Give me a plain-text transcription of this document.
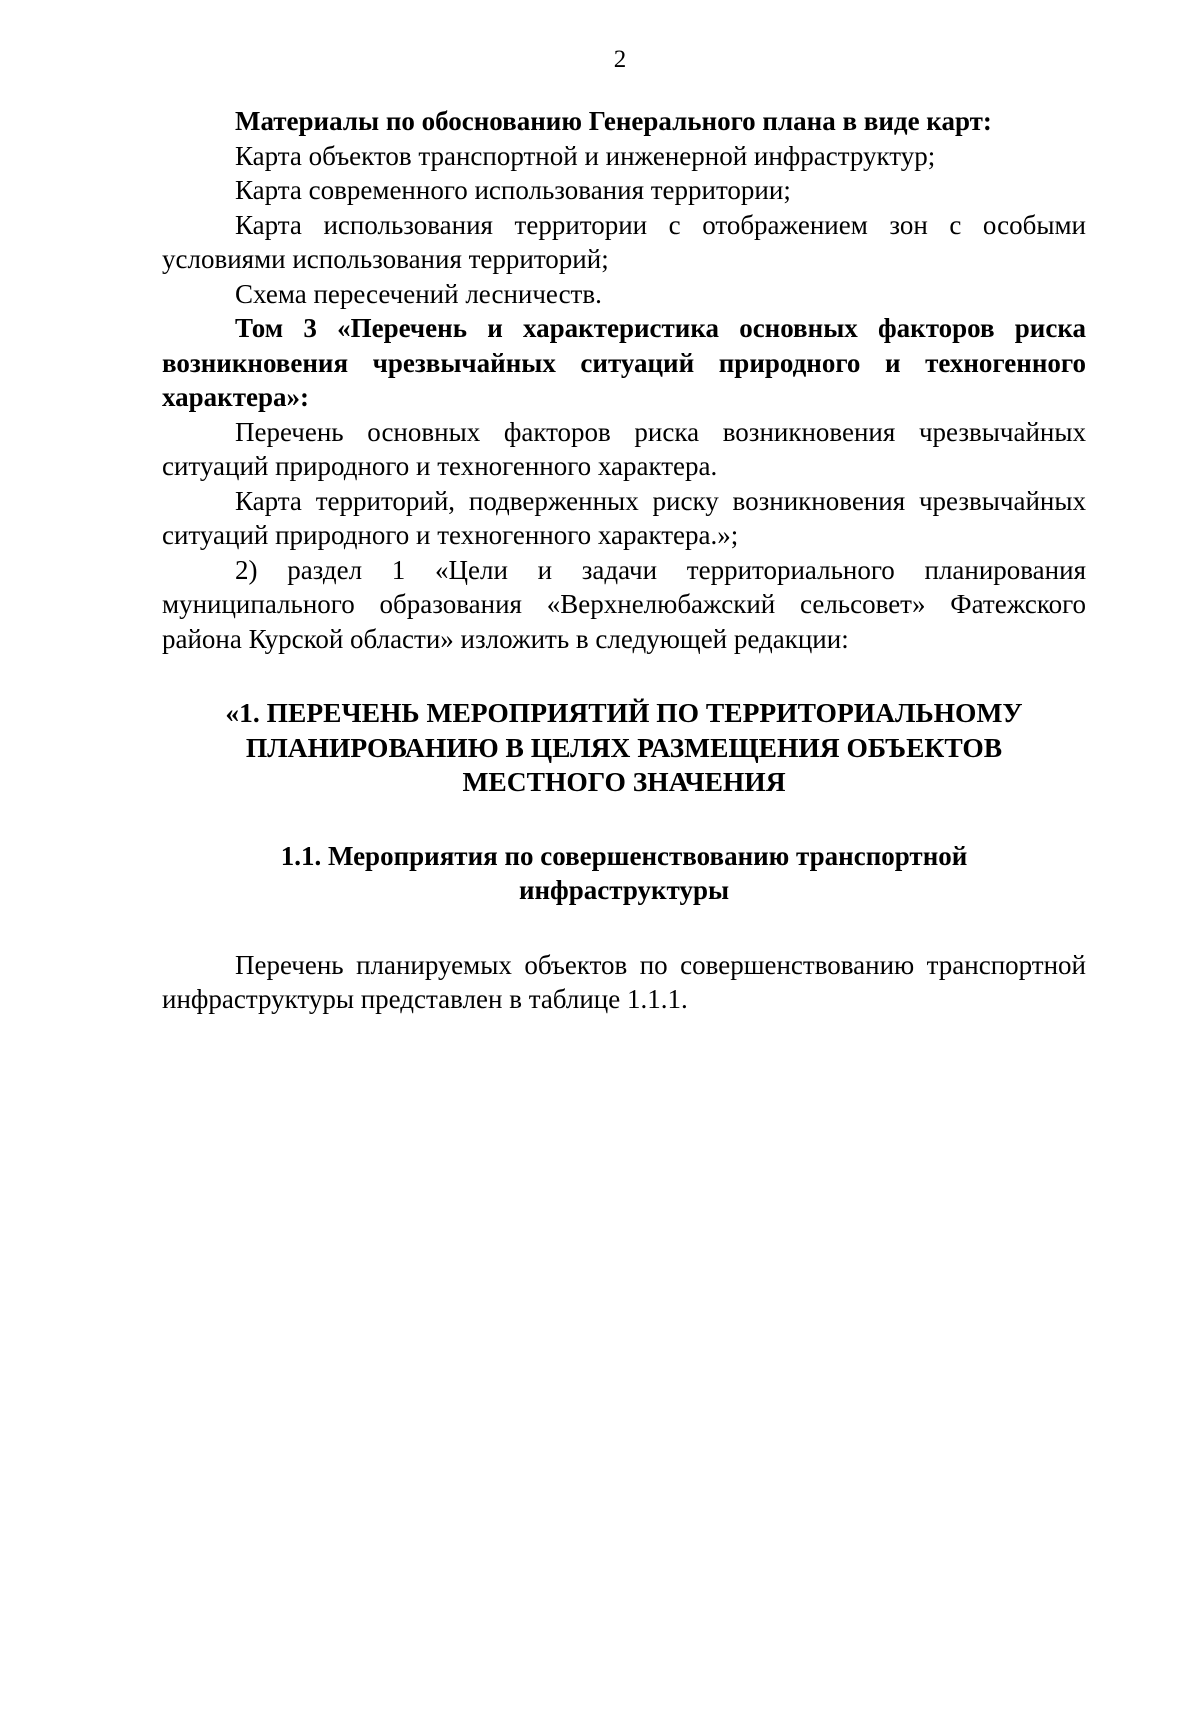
2

Материалы по обоснованию Генерального плана в виде карт:

Карта объектов транспортной и инженерной инфраструктур;

Карта современного использования территории;

Карта использования территории с отображением зон с особыми условиями использования территорий;

Схема пересечений лесничеств.

Том 3 «Перечень и характеристика основных факторов риска возникновения чрезвычайных ситуаций природного и техногенного характера»:

Перечень основных факторов риска возникновения чрезвычайных ситуаций природного и техногенного характера.

Карта территорий, подверженных риску возникновения чрезвычайных ситуаций природного и техногенного характера.»;

2) раздел 1 «Цели и задачи территориального планирования муниципального образования «Верхнелюбажский сельсовет» Фатежского района Курской области» изложить в следующей редакции:

«1. ПЕРЕЧЕНЬ МЕРОПРИЯТИЙ ПО ТЕРРИТОРИАЛЬНОМУ
ПЛАНИРОВАНИЮ В ЦЕЛЯХ РАЗМЕЩЕНИЯ ОБЪЕКТОВ
МЕСТНОГО ЗНАЧЕНИЯ
1.1. Мероприятия по совершенствованию транспортной
инфраструктуры

Перечень планируемых объектов по совершенствованию транспортной инфраструктуры представлен в таблице 1.1.1.
